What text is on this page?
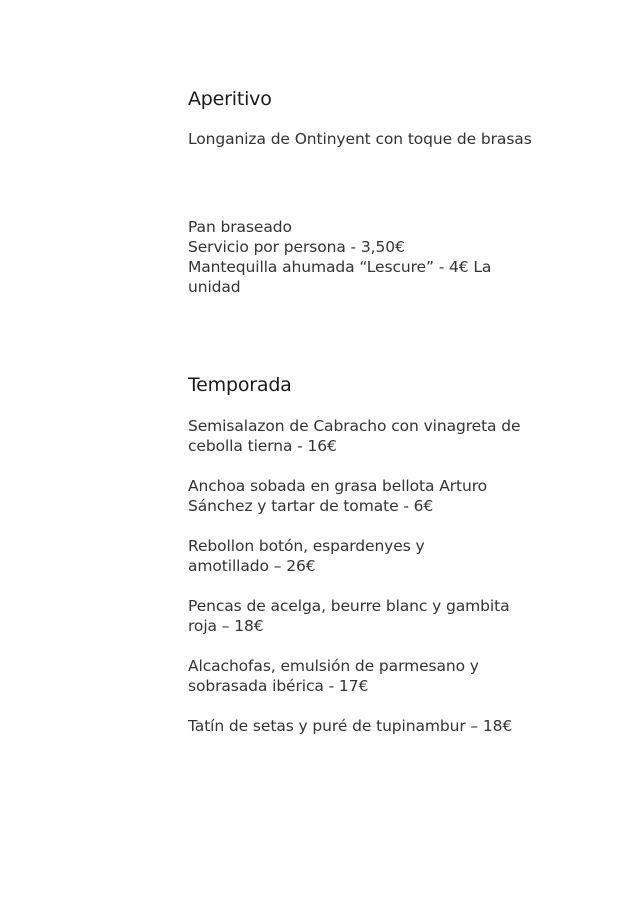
Aperitivo

Longaniza de Ontinyent con toque de brasas

Pan braseado

Servicio por persona - 3,50€

Mantequilla ahumada “Lescure” - 4€ La

unidad

Temporada

Semisalazon de Cabracho con vinagreta de

cebolla tierna - 16€

Anchoa sobada en grasa bellota Arturo

Sánchez y tartar de tomate - 6€

Rebollon botón, espardenyes y

amotillado – 26€

Pencas de acelga, beurre blanc y gambita

roja – 18€

Alcachofas, emulsión de parmesano y

sobrasada ibérica - 17€

Tatín de setas y puré de tupinambur – 18€
